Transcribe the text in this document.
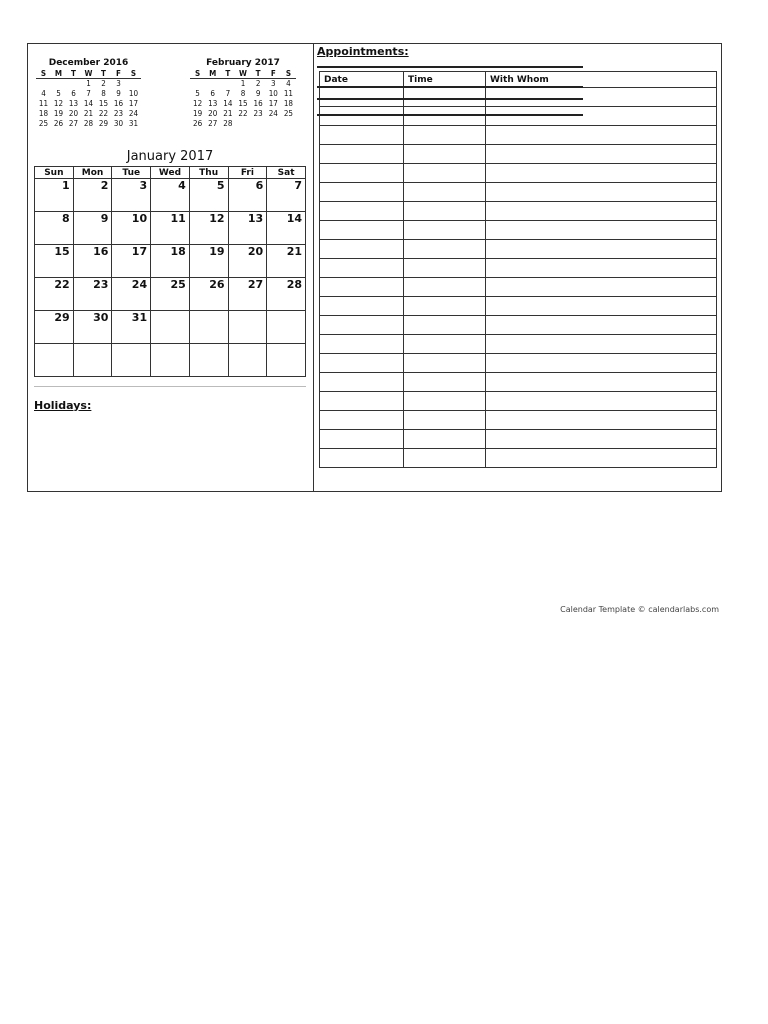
December 2016
S	M	T	W	T	F	S
			1	2	3	
4	5	6	7	8	9	10
11	12	13	14	15	16	17
18	19	20	21	22	23	24
25	26	27	28	29	30	31
February 2017
S	M	T	W	T	F	S
			1	2	3	4
5	6	7	8	9	10	11
12	13	14	15	16	17	18
19	20	21	22	23	24	25
26	27	28				
January 2017
Sun	Mon	Tue	Wed	Thu	Fri	Sat
1	2	3	4	5	6	7
8	9	10	11	12	13	14
15	16	17	18	19	20	21
22	23	24	25	26	27	28
29	30	31				

Holidays:
Appointments:
Date	Time	With Whom

Calendar Template © calendarlabs.com
